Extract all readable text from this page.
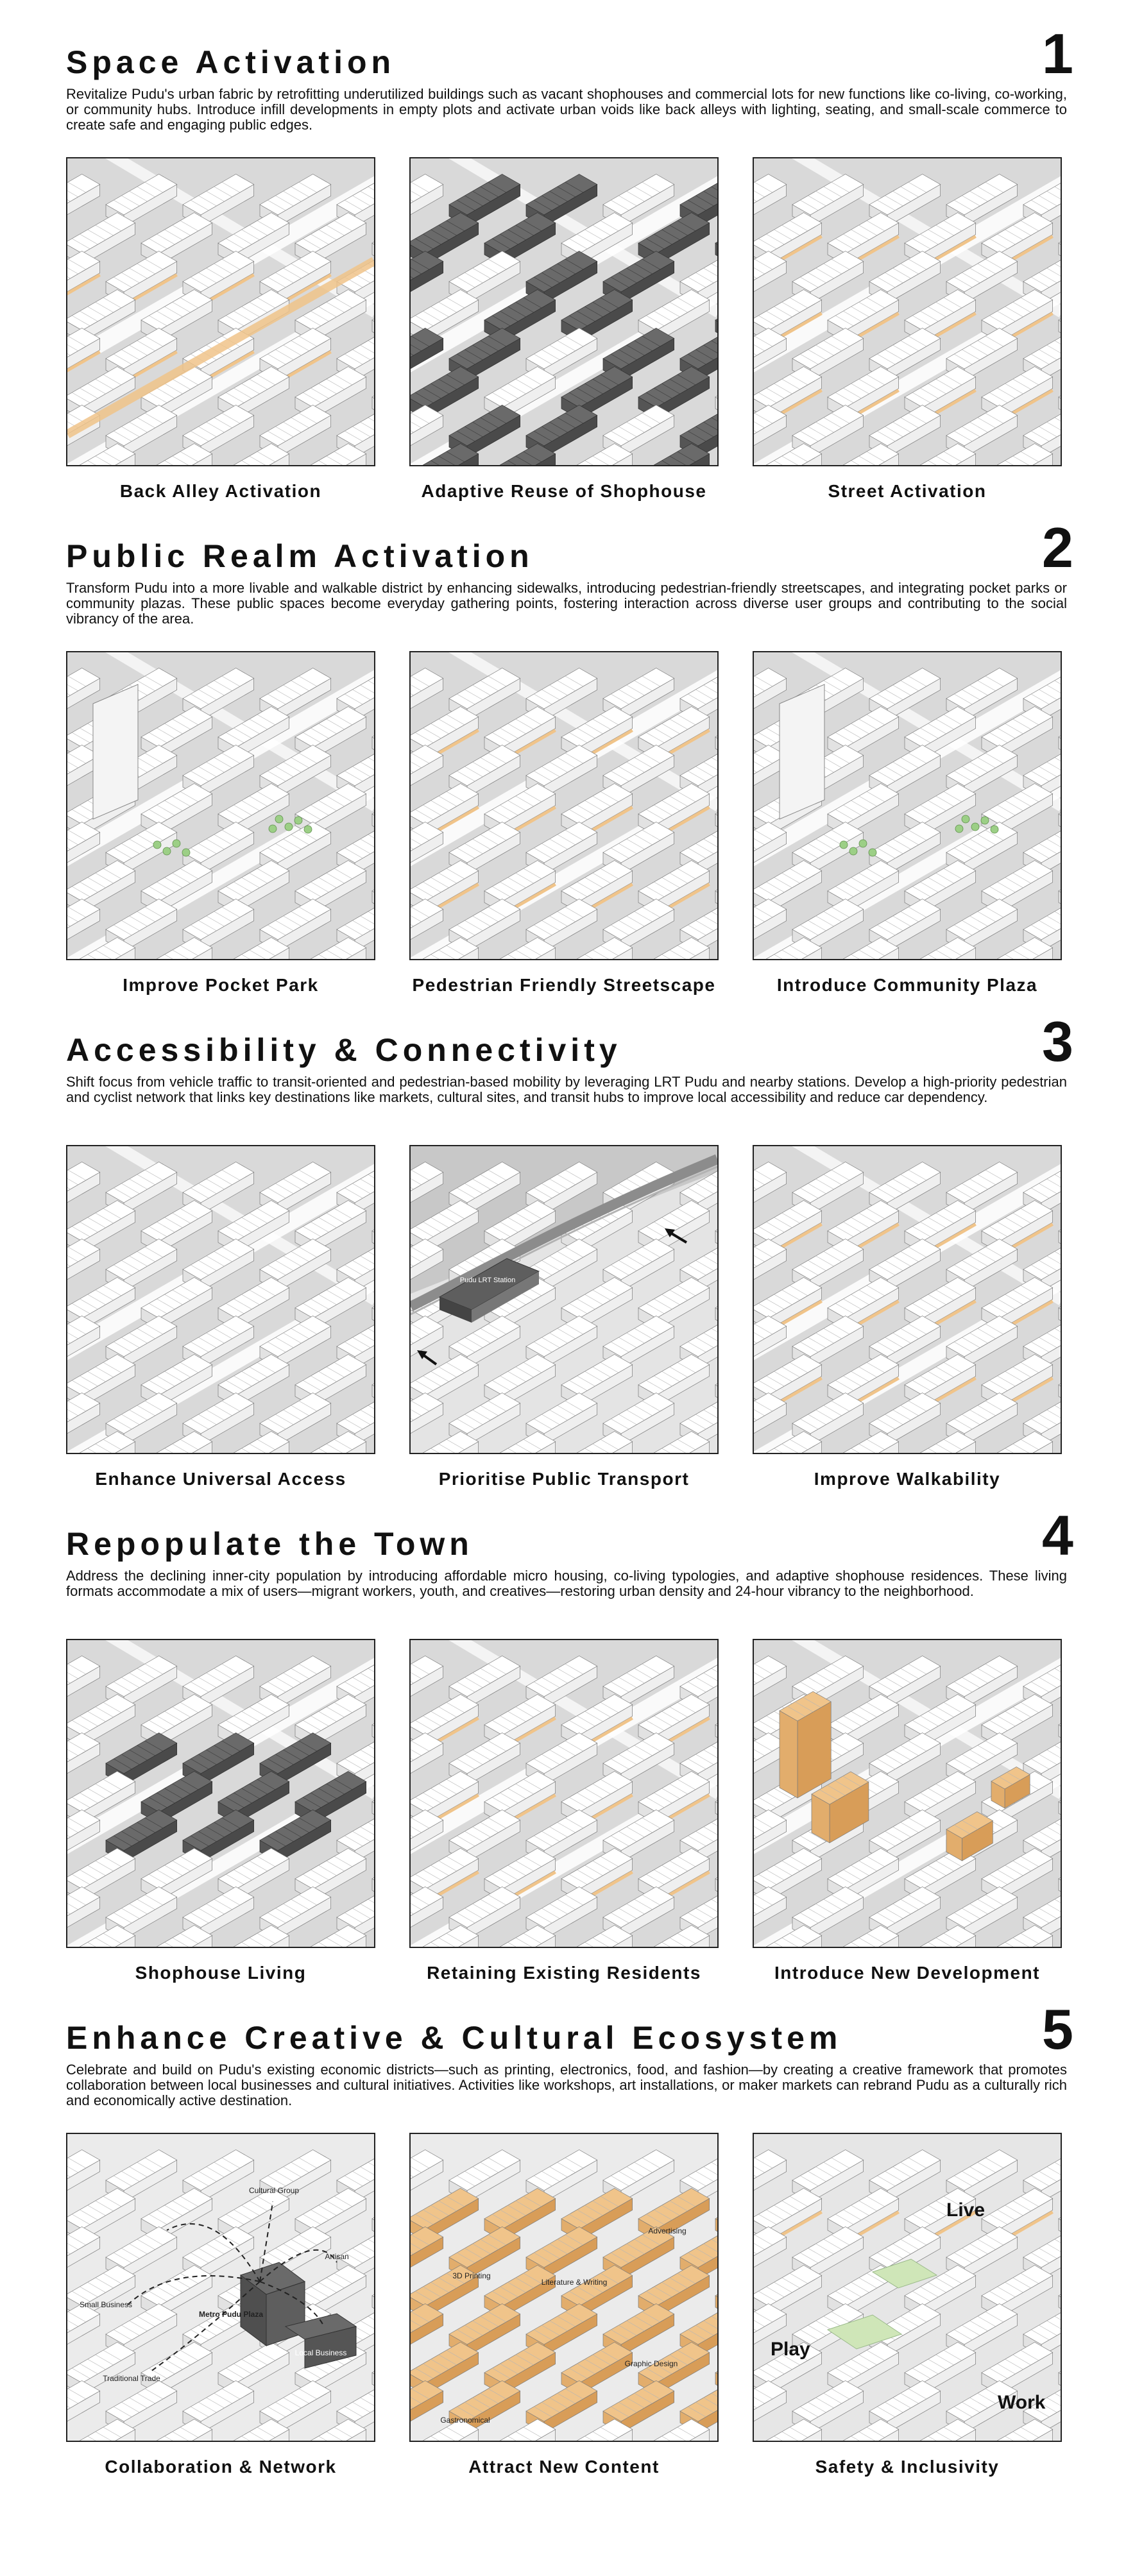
Space Activation	1

Revitalize Pudu's urban fabric by retrofitting underutilized buildings such as vacant shophouses and commercial lots for new functions like co-living, co-working, or community hubs. Introduce infill developments in empty plots and activate urban voids like back alleys with lighting, seating, and small-scale commerce to create safe and engaging public edges.

Back Alley Activation	Adaptive Reuse of Shophouse	Street Activation
Public Realm Activation	2

Transform Pudu into a more livable and walkable district by enhancing sidewalks, introducing pedestrian-friendly streetscapes, and integrating pocket parks or community plazas. These public spaces become everyday gathering points, fostering interaction across diverse user groups and contributing to the social vibrancy of the area.

Improve Pocket Park	Pedestrian Friendly Streetscape	Introduce Community Plaza
Accessibility & Connectivity	3

Shift focus from vehicle traffic to transit-oriented and pedestrian-based mobility by leveraging LRT Pudu and nearby stations. Develop a high-priority pedestrian and cyclist network that links key destinations like markets, cultural sites, and transit hubs to improve local accessibility and reduce car dependency.

Pudu LRT Station
Enhance Universal Access	Prioritise Public Transport	Improve Walkability
Repopulate the Town	4

Address the declining inner-city population by introducing affordable micro housing, co-living typologies, and adaptive shophouse residences. These living formats accommodate a mix of users—migrant workers, youth, and creatives—restoring urban density and 24-hour vibrancy to the neighborhood.

Shophouse Living	Retaining Existing Residents	Introduce New Development
Enhance Creative & Cultural Ecosystem	5

Celebrate and build on Pudu's existing economic districts—such as printing, electronics, food, and fashion—by creating a creative framework that promotes collaboration between local businesses and cultural initiatives. Activities like workshops, art installations, or maker markets can rebrand Pudu as a culturally rich and economically active destination.

Cultural Group
Artisan
Small Business
Metro Pudu Plaza
Local Business
Traditional Trade
Advertising
3D Printing
Literature & Writing
Graphic Design
Gastronomical
Live
Play
Work
Collaboration & Network	Attract New Content	Safety & Inclusivity
